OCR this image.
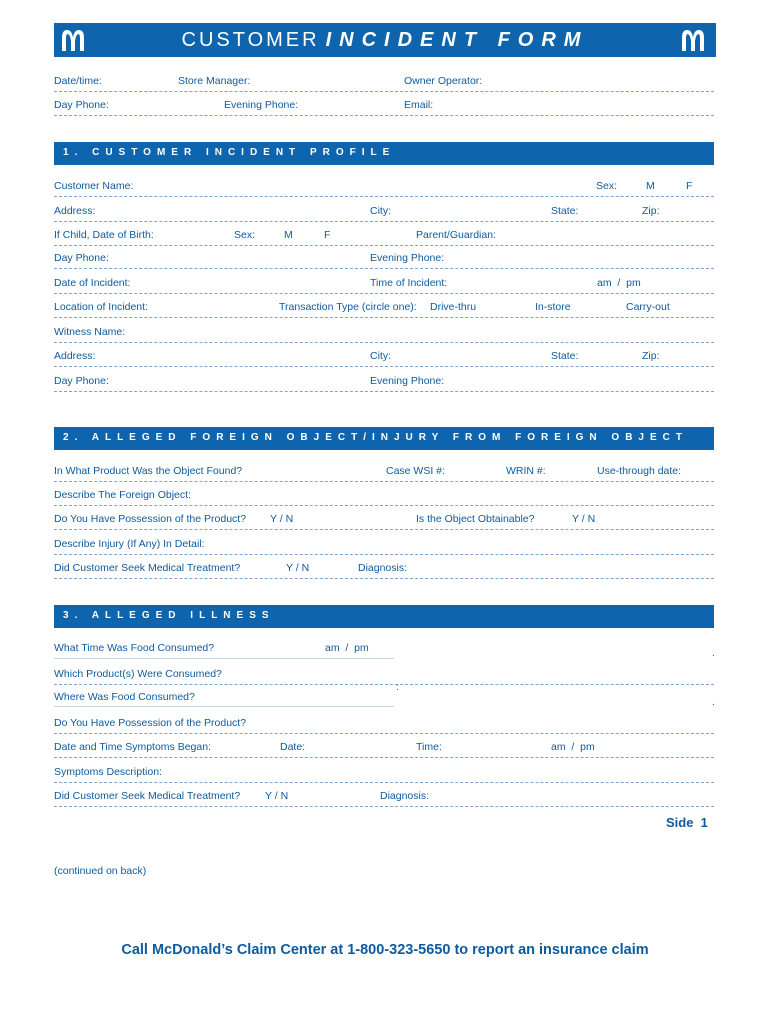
CUSTOMER INCIDENT FORM
Date/time:	Store Manager:	Owner Operator:
Day Phone:	Evening Phone:	Email:
1. CUSTOMER INCIDENT PROFILE
Customer Name:	Sex:	M	F
Address:	City:	State:	Zip:
If Child, Date of Birth:	Sex:	M	F	Parent/Guardian:
Day Phone:	Evening Phone:
Date of Incident:	Time of Incident:	am  /  pm
Location of Incident:	Transaction Type (circle one): Drive-thru	In-store	Carry-out
Witness Name:
Address:	City:	State:	Zip:
Day Phone:	Evening Phone:
2. ALLEGED FOREIGN OBJECT/INJURY FROM FOREIGN OBJECT
In What Product Was the Object Found?	Case WSI #:	WRIN #:	Use-through date:
Describe The Foreign Object:
Do You Have Possession of the Product? Y / N	Is the Object Obtainable?	Y / N
Describe Injury (If Any) In Detail:
Did Customer Seek Medical Treatment?	Y / N	Diagnosis:
3. ALLEGED ILLNESS
What Time Was Food Consumed?	am  /  pm	.
Which Product(s) Were Consumed?
:
Where Was Food Consumed?	.
Do You Have Possession of the Product?
Date and Time Symptoms Began:	Date:	Time:	am  /  pm
Symptoms Description:
Did Customer Seek Medical Treatment? Y / N	Diagnosis:
Side  1
(continued on back)
Call McDonald’s Claim Center at 1-800-323-5650 to report an insurance claim
